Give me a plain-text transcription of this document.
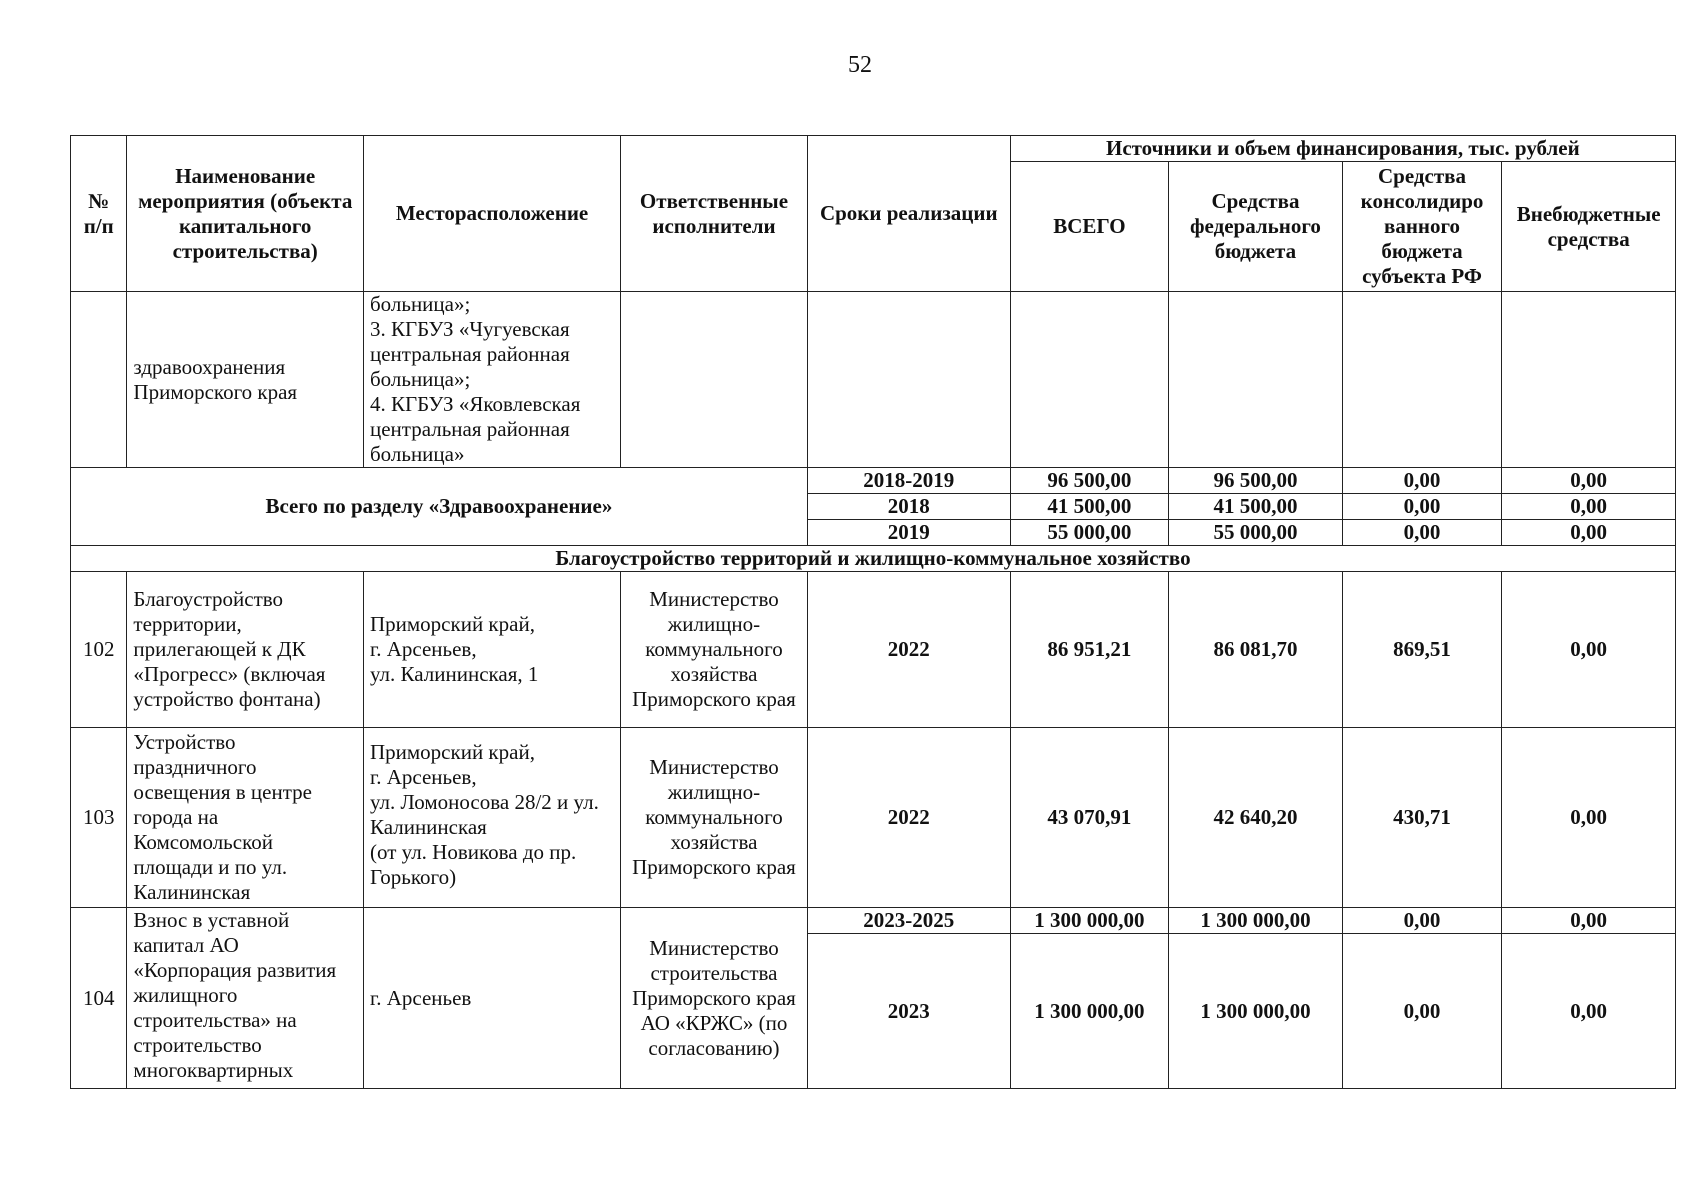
52
№ п/п	Наименование мероприятия (объекта капитального строительства)	Месторасположение	Ответственные исполнители	Сроки реализации	Источники и объем финансирования, тыс. рублей			
					ВСЕГО	Средства федерального бюджета	Средства консолидиро ванного бюджета субъекта РФ	Внебюджетные средства
	здравоохранения Приморского края	больница»;
3. КГБУЗ «Чугуевская центральная районная больница»;
4. КГБУЗ «Яковлевская центральная районная больница»						

Всего по разделу «Здравоохранение»				2018-2019	96 500,00	96 500,00	0,00	0,00
				2018	41 500,00	41 500,00	0,00	0,00
				2019	55 000,00	55 000,00	0,00	0,00
Благоустройство территорий и жилищно-коммунальное хозяйство								
102	Благоустройство территории, прилегающей к ДК «Прогресс» (включая устройство фонтана)	Приморский край,
г. Арсеньев,
ул. Калининская, 1	Министерство жилищно-коммунального хозяйства Приморского края	2022	86 951,21	86 081,70	869,51	0,00
103	Устройство праздничного освещения в центре города на Комсомольской площади и по ул. Калининская	Приморский край,
г. Арсеньев,
ул. Ломоносова 28/2 и ул. Калининская
(от ул. Новикова до пр. Горького)	Министерство жилищно-коммунального хозяйства Приморского края	2022	43 070,91	42 640,20	430,71	0,00
104	Взнос в уставной капитал АО «Корпорация развития жилищного строительства» на строительство многоквартирных	г. Арсеньев	Министерство строительства Приморского края АО «КРЖС» (по согласованию)	2023-2025	1 300 000,00	1 300 000,00	0,00	0,00
				2023	1 300 000,00	1 300 000,00	0,00	0,00
